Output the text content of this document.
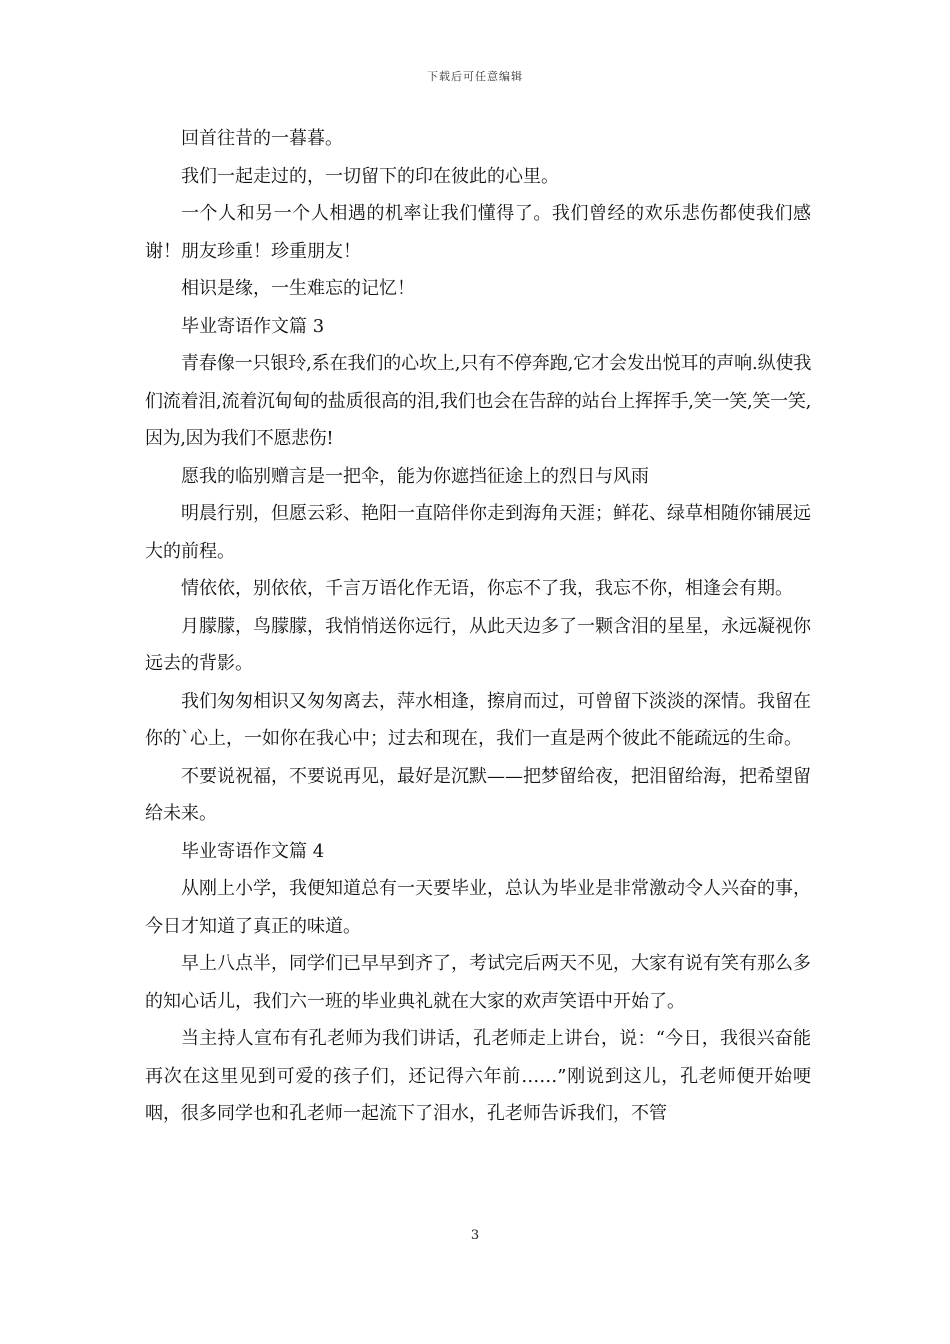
下载后可任意编辑

回首往昔的一暮暮。

我们一起走过的，一切留下的印在彼此的心里。

一个人和另一个人相遇的机率让我们懂得了。我们曾经的欢乐悲伤都使我们感谢！朋友珍重！珍重朋友！

相识是缘，一生难忘的记忆！

毕业寄语作文篇 3

青春像一只银玲,系在我们的心坎上,只有不停奔跑,它才会发出悦耳的声响.纵使我们流着泪,流着沉甸甸的盐质很高的泪,我们也会在告辞的站台上挥挥手,笑一笑,笑一笑,因为,因为我们不愿悲伤!

愿我的临别赠言是一把伞，能为你遮挡征途上的烈日与风雨

明晨行别，但愿云彩、艳阳一直陪伴你走到海角天涯；鲜花、绿草相随你铺展远大的前程。

情依依，别依依，千言万语化作无语，你忘不了我，我忘不你，相逢会有期。

月朦朦，鸟朦朦，我悄悄送你远行，从此天边多了一颗含泪的星星，永远凝视你远去的背影。

我们匆匆相识又匆匆离去，萍水相逢，擦肩而过，可曾留下淡淡的深情。我留在你的`心上，一如你在我心中；过去和现在，我们一直是两个彼此不能疏远的生命。

不要说祝福，不要说再见，最好是沉默——把梦留给夜，把泪留给海，把希望留给未来。

毕业寄语作文篇 4

从刚上小学，我便知道总有一天要毕业，总认为毕业是非常激动令人兴奋的事，今日才知道了真正的味道。

早上八点半，同学们已早早到齐了，考试完后两天不见，大家有说有笑有那么多的知心话儿，我们六一班的毕业典礼就在大家的欢声笑语中开始了。

当主持人宣布有孔老师为我们讲话，孔老师走上讲台，说：“今日，我很兴奋能再次在这里见到可爱的孩子们，还记得六年前……”刚说到这儿，孔老师便开始哽咽，很多同学也和孔老师一起流下了泪水，孔老师告诉我们，不管

3
